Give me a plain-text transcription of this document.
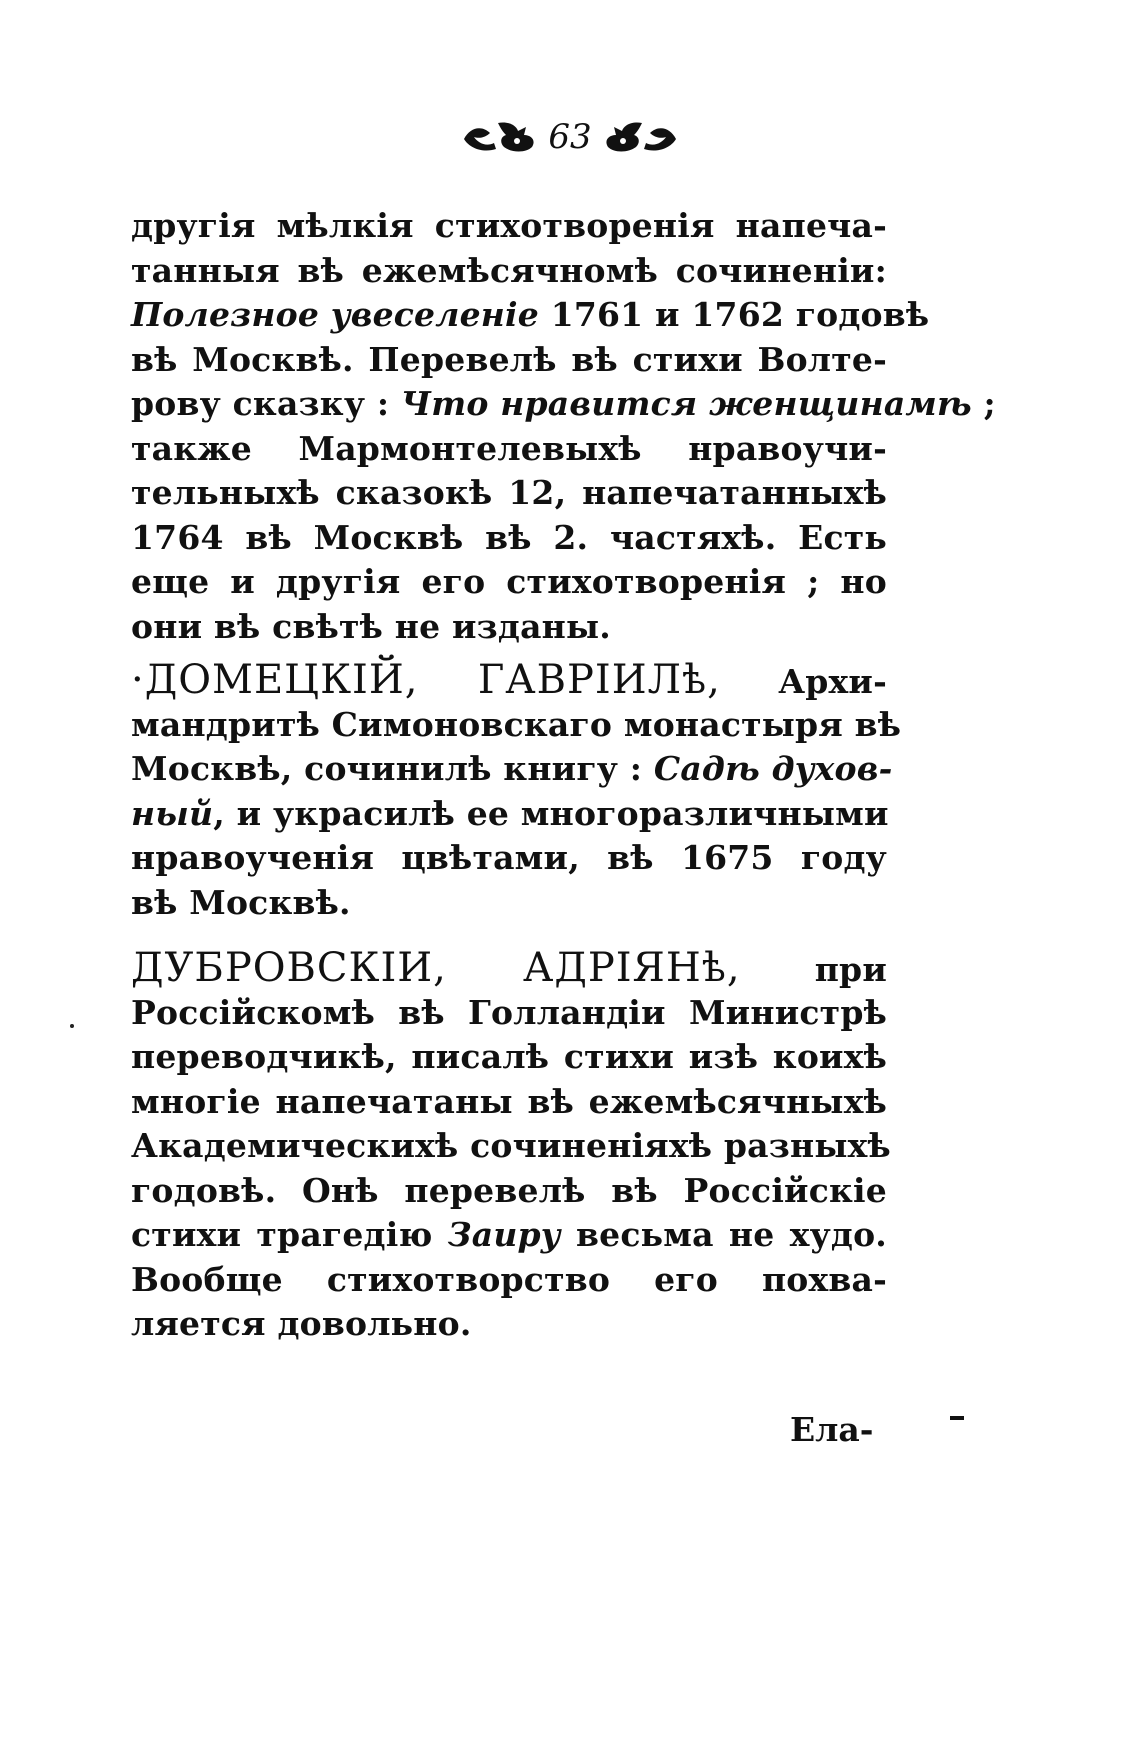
63
другія мѣлкія стихотворенія напеча-
танныя вѣ ежемѣсячномѣ сочиненіи:
Полезное увеселеніе 1761 и 1762 годовѣ
вѣ Москвѣ. Перевелѣ вѣ стихи Волте-
рову сказку : Что нравится женщинамѣ ;
также Мармонтелевыхѣ нравоучи-
тельныхѣ сказокѣ 12, напечатанныхѣ
1764 вѣ Москвѣ вѣ 2. частяхѣ. Есть
еще и другія его стихотворенія ; но
они вѣ свѣтѣ не изданы.
·ДОМЕЦКІЙ, ГАВРІИЛѣ, Архи-
мандритѣ Симоновскаго монастыря вѣ
Москвѣ, сочинилѣ книгу : Садѣ духов-
ный, и украсилѣ ее многоразличными
нравоученія цвѣтами, вѣ 1675 году
вѣ Москвѣ.
ДУБРОВСКІИ, АДРІЯНѣ, при
Россійскомѣ вѣ Голландіи Министрѣ
переводчикѣ, писалѣ стихи изѣ коихѣ
многіе напечатаны вѣ ежемѣсячныхѣ
Академическихѣ сочиненіяхѣ разныхѣ
годовѣ. Онѣ перевелѣ вѣ Россійскіе
стихи трагедію Заиру весьма не худо.
Вообще стихотворство его похва-
ляется довольно.
Ела-
